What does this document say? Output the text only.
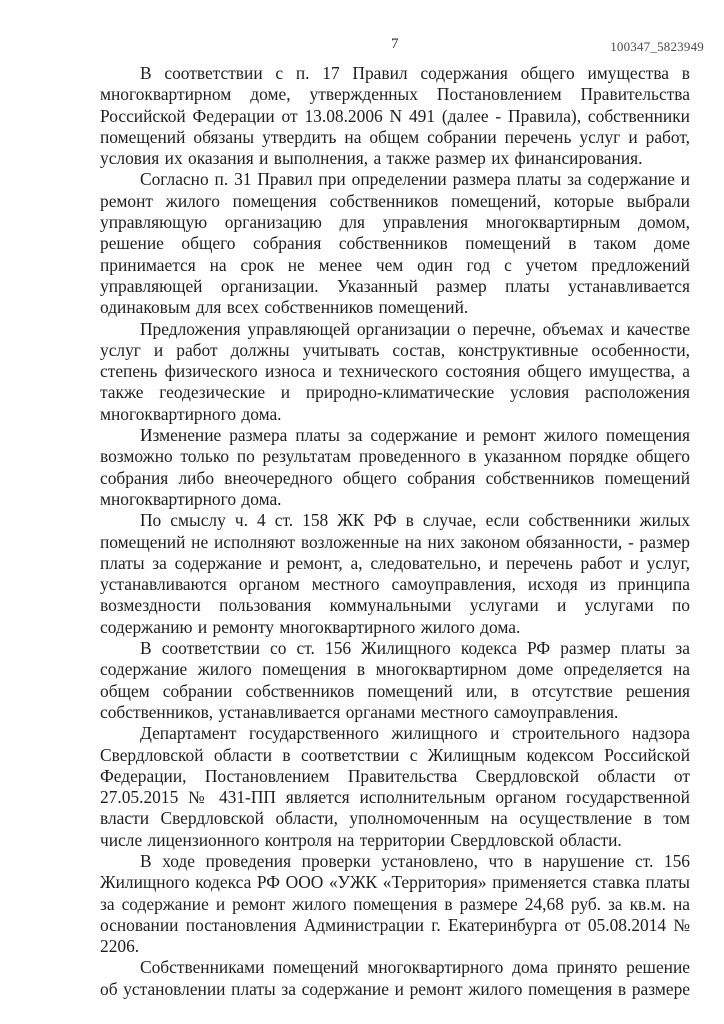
7	100347_5823949

В соответствии с п. 17 Правил содержания общего имущества в многоквартирном доме, утвержденных Постановлением Правительства Российской Федерации от 13.08.2006 N 491 (далее - Правила), собственники помещений обязаны утвердить на общем собрании перечень услуг и работ, условия их оказания и выполнения, а также размер их финансирования.

Согласно п. 31 Правил при определении размера платы за содержание и ремонт жилого помещения собственников помещений, которые выбрали управляющую организацию для управления многоквартирным домом, решение общего собрания собственников помещений в таком доме принимается на срок не менее чем один год с учетом предложений управляющей организации. Указанный размер платы устанавливается одинаковым для всех собственников помещений.

Предложения управляющей организации о перечне, объемах и качестве услуг и работ должны учитывать состав, конструктивные особенности, степень физического износа и технического состояния общего имущества, а также геодезические и природно-климатические условия расположения многоквартирного дома.

Изменение размера платы за содержание и ремонт жилого помещения возможно только по результатам проведенного в указанном порядке общего собрания либо внеочередного общего собрания собственников помещений многоквартирного дома.

По смыслу ч. 4 ст. 158 ЖК РФ в случае, если собственники жилых помещений не исполняют возложенные на них законом обязанности, - размер платы за содержание и ремонт, а, следовательно, и перечень работ и услуг, устанавливаются органом местного самоуправления, исходя из принципа возмездности пользования коммунальными услугами и услугами по содержанию и ремонту многоквартирного жилого дома.

В соответствии со ст. 156 Жилищного кодекса РФ размер платы за содержание жилого помещения в многоквартирном доме определяется на общем собрании собственников помещений или, в отсутствие решения собственников, устанавливается органами местного самоуправления.

Департамент государственного жилищного и строительного надзора Свердловской области в соответствии с Жилищным кодексом Российской Федерации, Постановлением Правительства Свердловской области от 27.05.2015 № 431-ПП является исполнительным органом государственной власти Свердловской области, уполномоченным на осуществление в том числе лицензионного контроля на территории Свердловской области.

В ходе проведения проверки установлено, что в нарушение ст. 156 Жилищного кодекса РФ ООО «УЖК «Территория» применяется ставка платы за содержание и ремонт жилого помещения в размере 24,68 руб. за кв.м. на основании постановления Администрации г. Екатеринбурга от 05.08.2014 № 2206.

Собственниками помещений многоквартирного дома принято решение об установлении платы за содержание и ремонт жилого помещения в размере
